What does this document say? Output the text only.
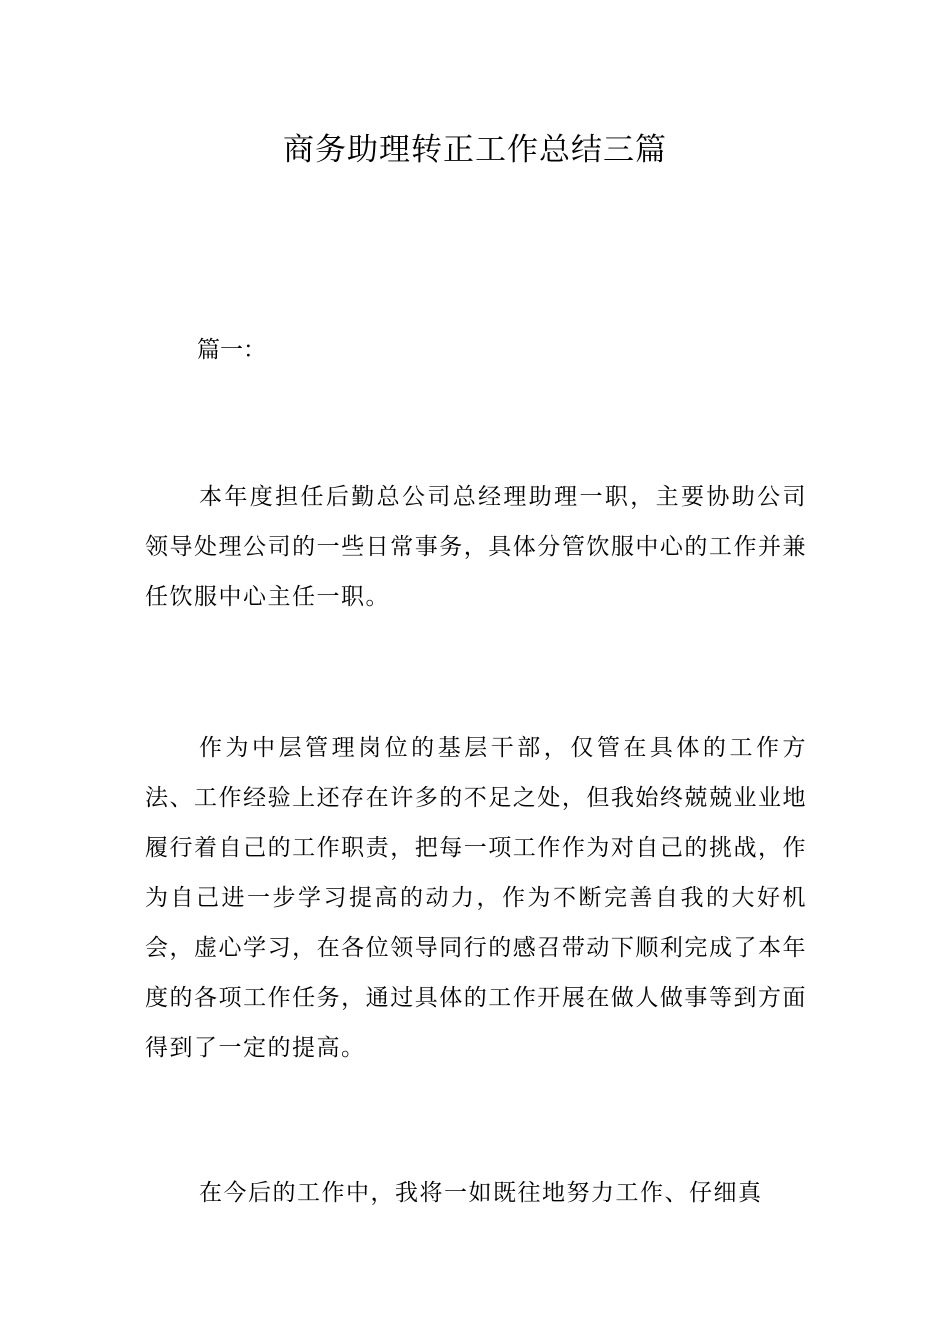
商务助理转正工作总结三篇

篇一：

本年度担任后勤总公司总经理助理一职，主要协助公司领导处理公司的一些日常事务，具体分管饮服中心的工作并兼任饮服中心主任一职。

作为中层管理岗位的基层干部，仅管在具体的工作方法、工作经验上还存在许多的不足之处，但我始终兢兢业业地履行着自己的工作职责，把每一项工作作为对自己的挑战，作为自己进一步学习提高的动力，作为不断完善自我的大好机会，虚心学习，在各位领导同行的感召带动下顺利完成了本年度的各项工作任务，通过具体的工作开展在做人做事等到方面得到了一定的提高。

在今后的工作中，我将一如既往地努力工作、仔细真
